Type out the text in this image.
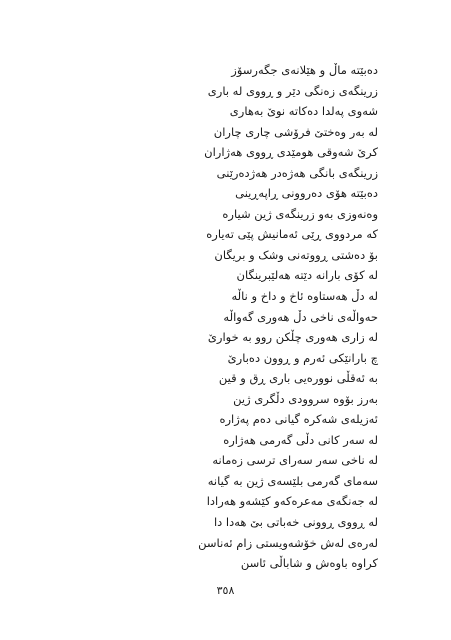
دەبێتە ماڵ و هێلانەی جگەرسۆز
زرینگەی زەنگی دێر و ڕووی لە باری
شەوی پەلدا دەکاتە نوێ بەهاری
لە بەر وەختێ فرۆشی چاری چاران
کرێ شەوقی هومێدی ڕووی هەژاران
زرینگەی بانگی هەژەدر هەژدەرێنی
دەبێتە هۆی دەروونی ڕاپەڕینی
وەنەوزی بەو زرینگەی ژین شیارە
کە مردووی ڕێی ئەمانیش پێی تەیارە
بۆ دەشتی ڕووتەنی وشک و بریگان
لە کۆی بارانە دێتە هەلێبرینگان
لە دڵ هەستاوە ئاخ و داخ و ناڵە
حەواڵەی ناخی دڵ هەوری گەواڵە
لە زاری هەوری چڵکن روو بە خوارێ
چ بارانێکی ئەرم و ڕوون دەبارێ
بە ئەقڵی نوورەیی باری ڕق و قین
بەرز بۆوە سروودی دڵگری ژین
ئەزیلەی شەکرە گیانی دەم پەژارە
لە سەر کانی دڵی گەرمی هەژارە
لە ناخی سەر سەرای ترسی زەمانە
سەمای گەرمی بلێسەی ژین بە گیانە
لە جەنگەی مەعرەکەو کێشەو هەرادا
لە ڕووی ڕوونی خەباتی بێ هەدا دا
لەرەی لەش خۆشەویستی زام ئەناسن
کراوە باوەش و شاباڵی ئاسن
٣٥٨
